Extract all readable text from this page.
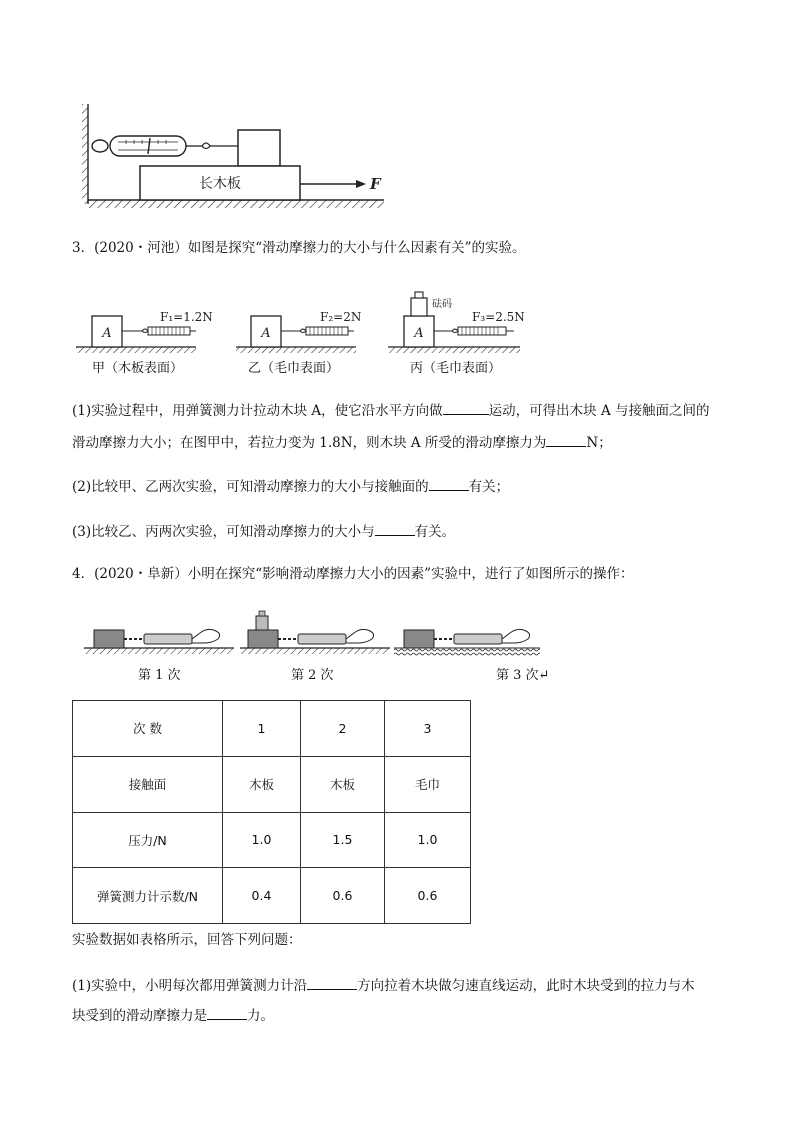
长木板	F
3．(2020・河池）如图是探究“滑动摩擦力的大小与什么因素有关”的实验。
A
F₁=1.2N
A
F₂=2N
A
砝码
F₃=2.5N
甲（木板表面）	乙（毛巾表面）	丙（毛巾表面）
(1)实验过程中，用弹簧测力计拉动木块 A，使它沿水平方向做	运动，可得出木块 A 与接触面之间的
滑动摩擦力大小；在图甲中，若拉力变为 1.8N，则木块 A 所受的滑动摩擦力为	N；
(2)比较甲、乙两次实验，可知滑动摩擦力的大小与接触面的	有关；
(3)比较乙、丙两次实验，可知滑动摩擦力的大小与	有关。
4．(2020・阜新）小明在探究“影响滑动摩擦力大小的因素”实验中，进行了如图所示的操作：
第 1 次	第 2 次	第 3 次↵
次 数	1	2	3
接触面	木板	木板	毛巾
压力/N	1.0	1.5	1.0
弹簧测力计示数/N	0.4	0.6	0.6
实验数据如表格所示，回答下列问题：
(1)实验中，小明每次都用弹簧测力计沿	方向拉着木块做匀速直线运动，此时木块受到的拉力与木
块受到的滑动摩擦力是	力。
